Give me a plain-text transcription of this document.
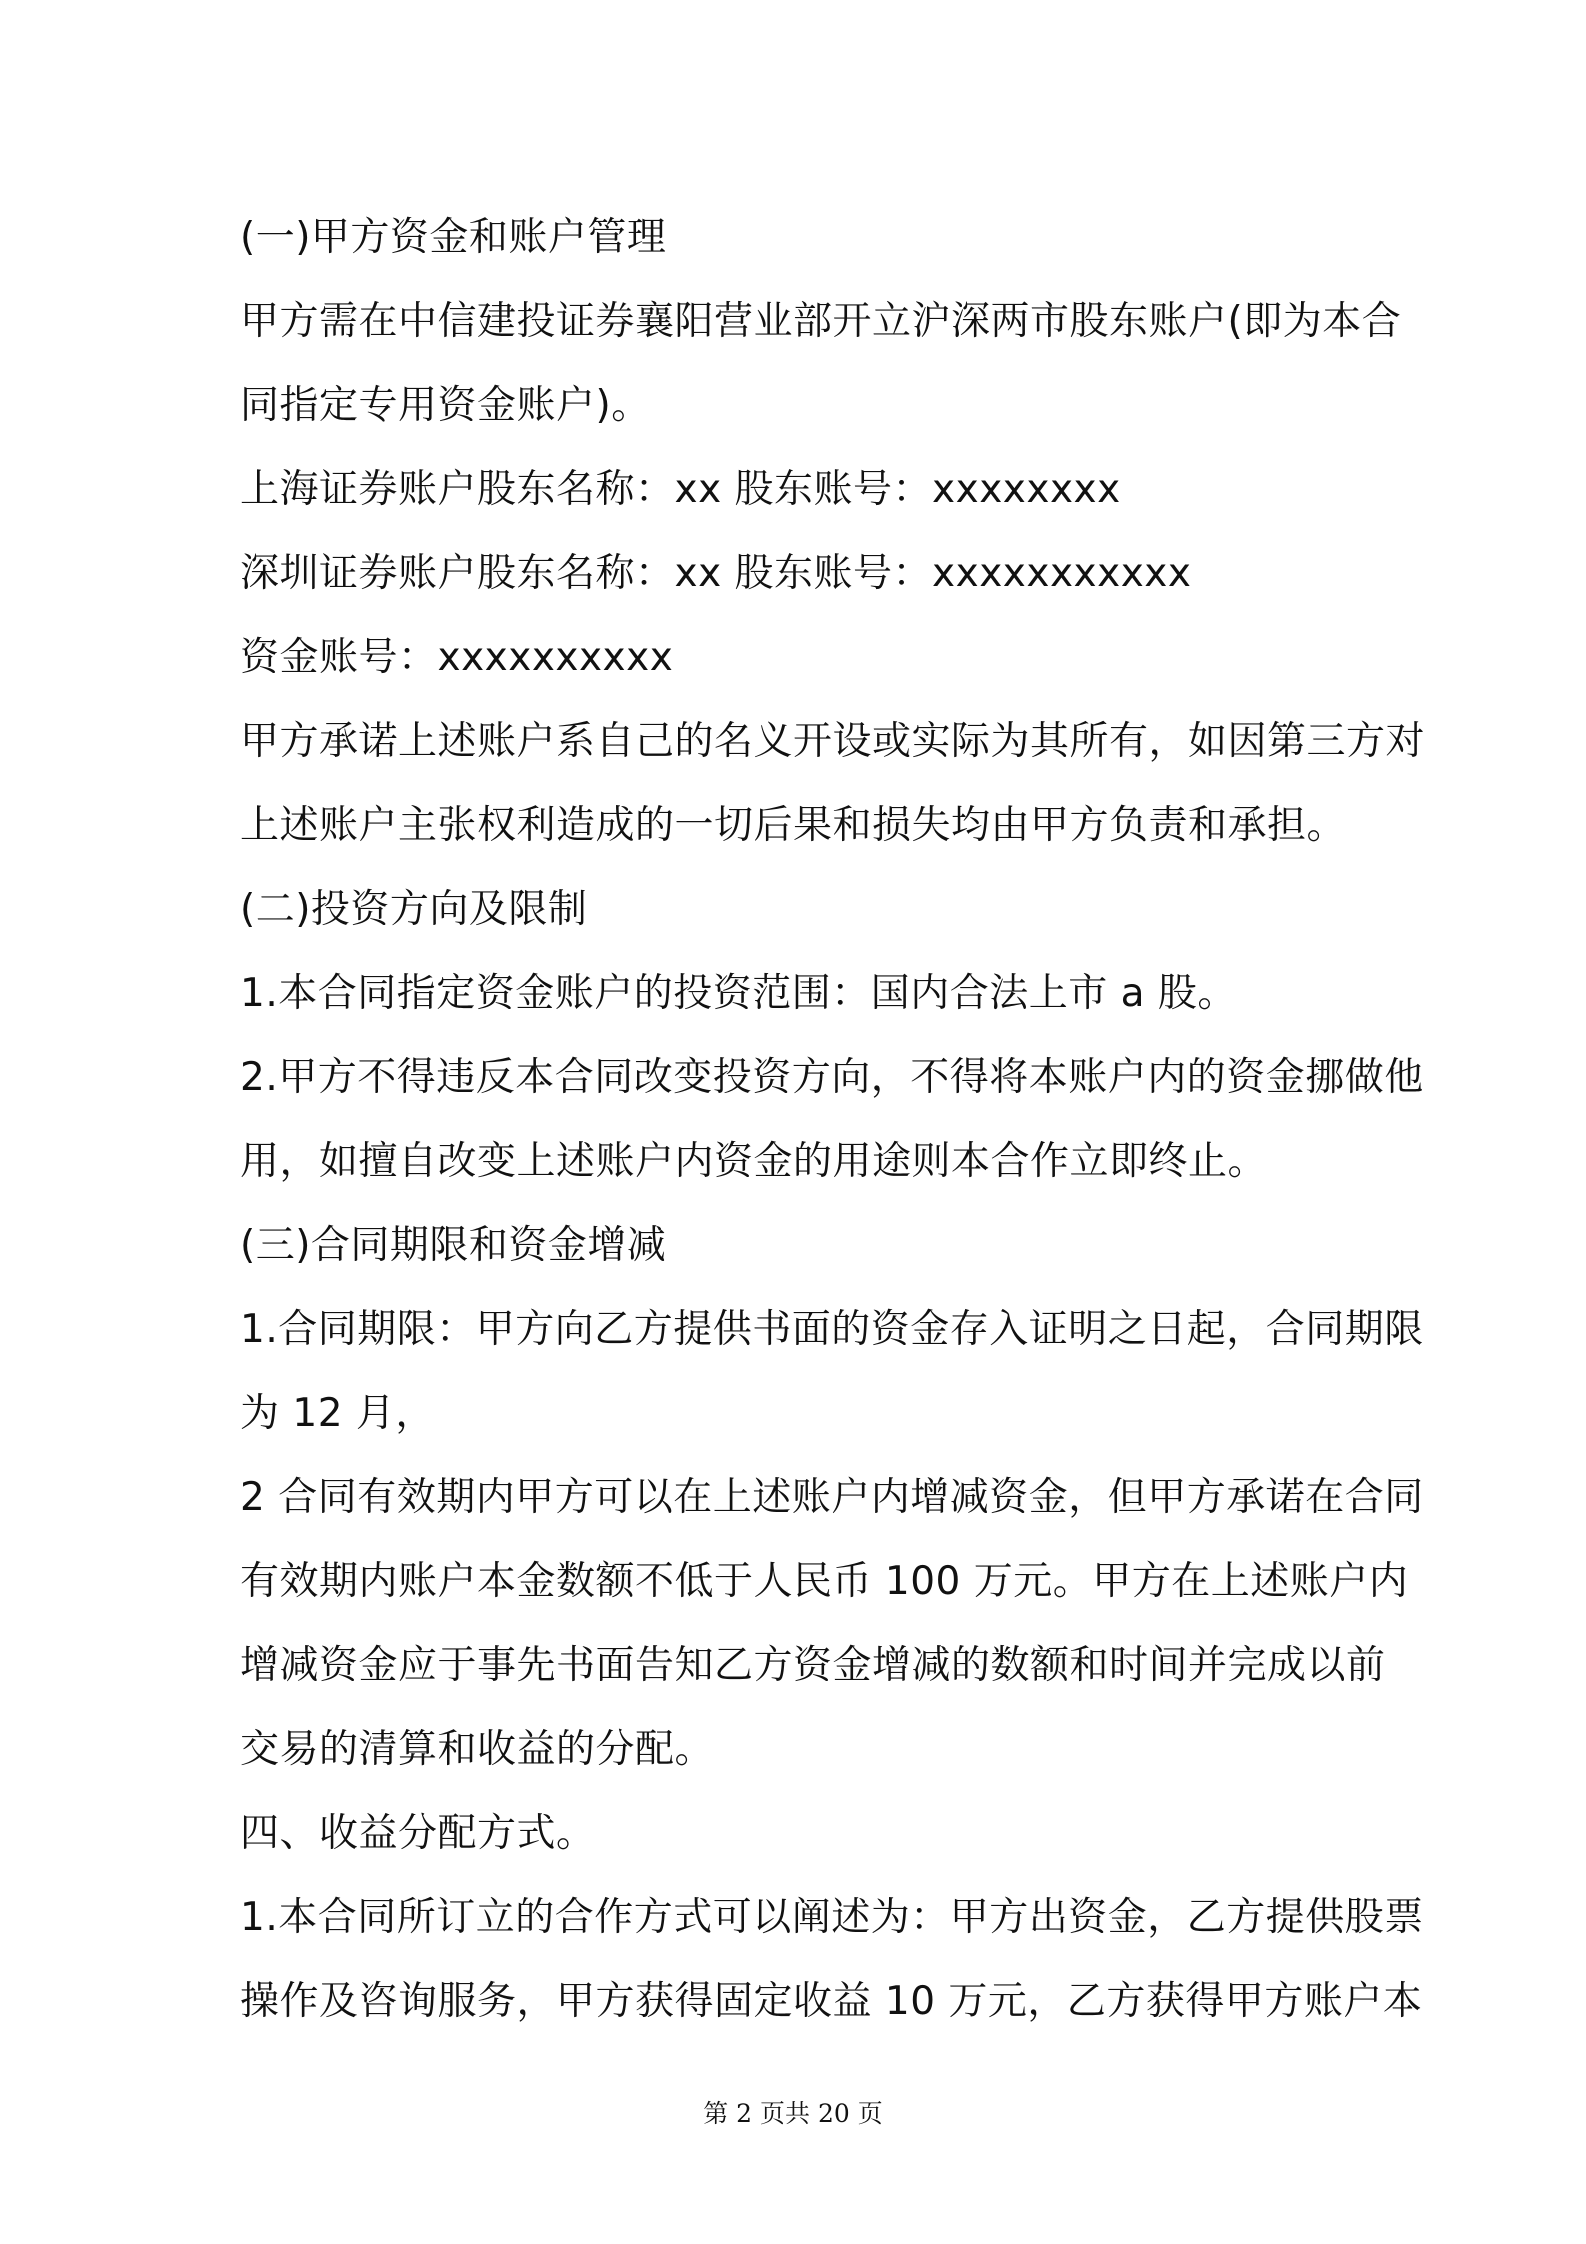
(一)甲方资金和账户管理
甲方需在中信建投证券襄阳营业部开立沪深两市股东账户(即为本合
同指定专用资金账户)。
上海证券账户股东名称：xx 股东账号：xxxxxxxx
深圳证券账户股东名称：xx 股东账号：xxxxxxxxxxx
资金账号：xxxxxxxxxx
甲方承诺上述账户系自己的名义开设或实际为其所有，如因第三方对
上述账户主张权利造成的一切后果和损失均由甲方负责和承担。
(二)投资方向及限制
1.本合同指定资金账户的投资范围：国内合法上市 a 股。
2.甲方不得违反本合同改变投资方向，不得将本账户内的资金挪做他
用，如擅自改变上述账户内资金的用途则本合作立即终止。
(三)合同期限和资金增减
1.合同期限：甲方向乙方提供书面的资金存入证明之日起，合同期限
为 12 月，
2 合同有效期内甲方可以在上述账户内增减资金，但甲方承诺在合同
有效期内账户本金数额不低于人民币 100 万元。甲方在上述账户内
增减资金应于事先书面告知乙方资金增减的数额和时间并完成以前
交易的清算和收益的分配。
四、收益分配方式。
1.本合同所订立的合作方式可以阐述为：甲方出资金，乙方提供股票
操作及咨询服务，甲方获得固定收益 10 万元，乙方获得甲方账户本
第 2 页共 20 页
